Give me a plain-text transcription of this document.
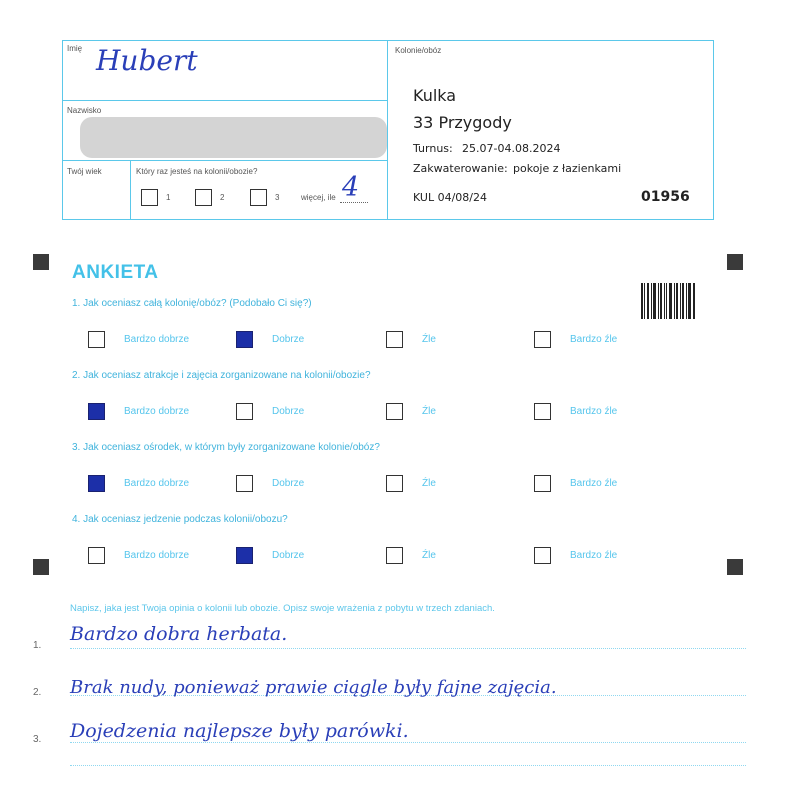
Imię Hubert
Nazwisko
Twój wiek	Który raz jesteś na kolonii/obozie?
1	2	3	więcej, ile 4
Kolonie/obóz
Kulka
33 Przygody
Turnus: 25.07-04.08.2024
Zakwaterowanie: pokoje z łazienkami
KUL 04/08/24	01956
ANKIETA
1. Jak oceniasz całą kolonię/obóz? (Podobało Ci się?)
2. Jak oceniasz atrakcje i zajęcia zorganizowane na kolonii/obozie?
3. Jak oceniasz ośrodek, w którym były zorganizowane kolonie/obóz?
4. Jak oceniasz jedzenie podczas kolonii/obozu?
Bardzo dobrze	Dobrze	Źle	Bardzo źle
Bardzo dobrze	Dobrze	Źle	Bardzo źle
Bardzo dobrze	Dobrze	Źle	Bardzo źle
Bardzo dobrze	Dobrze	Źle	Bardzo źle
Napisz, jaka jest Twoja opinia o kolonii lub obozie. Opisz swoje wrażenia z pobytu w trzech zdaniach.
1.
2.
3.
Bardzo dobra herbata.
Brak nudy, ponieważ prawie ciągle były fajne zajęcia.
Dojedzenia najlepsze były parówki.
